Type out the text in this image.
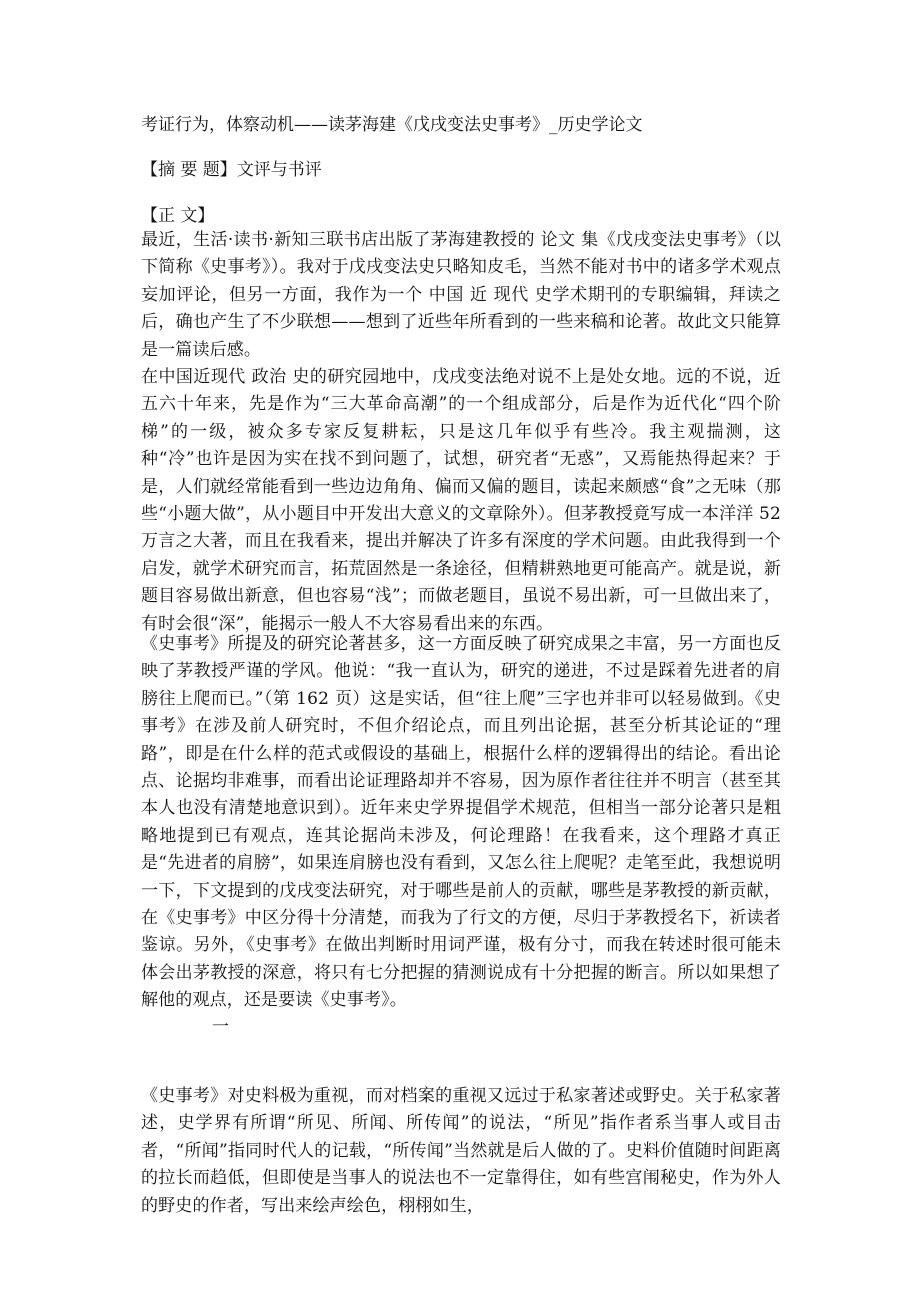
考证行为，体察动机——读茅海建《戊戌变法史事考》_历史学论文
【摘 要 题】文评与书评
【正 文】

最近，生活·读书·新知三联书店出版了茅海建教授的 论文 集《戊戌变法史事考》（以下简称《史事考》）。我对于戊戌变法史只略知皮毛，当然不能对书中的诸多学术观点妄加评论，但另一方面，我作为一个 中国 近 现代 史学术期刊的专职编辑，拜读之后，确也产生了不少联想——想到了近些年所看到的一些来稿和论著。故此文只能算是一篇读后感。

在中国近现代 政治 史的研究园地中，戊戌变法绝对说不上是处女地。远的不说，近五六十年来，先是作为“三大革命高潮”的一个组成部分，后是作为近代化“四个阶梯”的一级，被众多专家反复耕耘，只是这几年似乎有些冷。我主观揣测，这种“冷”也许是因为实在找不到问题了，试想，研究者“无惑”，又焉能热得起来？于是，人们就经常能看到一些边边角角、偏而又偏的题目，读起来颇感“食”之无味（那些“小题大做”，从小题目中开发出大意义的文章除外）。但茅教授竟写成一本洋洋 52 万言之大著，而且在我看来，提出并解决了许多有深度的学术问题。由此我得到一个启发，就学术研究而言，拓荒固然是一条途径，但精耕熟地更可能高产。就是说，新题目容易做出新意，但也容易“浅”；而做老题目，虽说不易出新，可一旦做出来了，有时会很“深”，能揭示一般人不大容易看出来的东西。

《史事考》所提及的研究论著甚多，这一方面反映了研究成果之丰富，另一方面也反映了茅教授严谨的学风。他说：“我一直认为，研究的递进，不过是踩着先进者的肩膀往上爬而已。”（第 162 页）这是实话，但“往上爬”三字也并非可以轻易做到。《史事考》在涉及前人研究时，不但介绍论点，而且列出论据，甚至分析其论证的“理路”，即是在什么样的范式或假设的基础上，根据什么样的逻辑得出的结论。看出论点、论据均非难事，而看出论证理路却并不容易，因为原作者往往并不明言（甚至其本人也没有清楚地意识到）。近年来史学界提倡学术规范，但相当一部分论著只是粗略地提到已有观点，连其论据尚未涉及，何论理路！在我看来，这个理路才真正是“先进者的肩膀”，如果连肩膀也没有看到，又怎么往上爬呢？走笔至此，我想说明一下，下文提到的戊戌变法研究，对于哪些是前人的贡献，哪些是茅教授的新贡献，在《史事考》中区分得十分清楚，而我为了行文的方便，尽归于茅教授名下，祈读者鉴谅。另外，《史事考》在做出判断时用词严谨，极有分寸，而我在转述时很可能未体会出茅教授的深意，将只有七分把握的猜测说成有十分把握的断言。所以如果想了解他的观点，还是要读《史事考》。

一

《史事考》对史料极为重视，而对档案的重视又远过于私家著述或野史。关于私家著述，史学界有所谓“所见、所闻、所传闻”的说法，“所见”指作者系当事人或目击者，“所闻”指同时代人的记载，“所传闻”当然就是后人做的了。史料价值随时间距离的拉长而趋低，但即使是当事人的说法也不一定靠得住，如有些宫闱秘史，作为外人的野史的作者，写出来绘声绘色，栩栩如生，
